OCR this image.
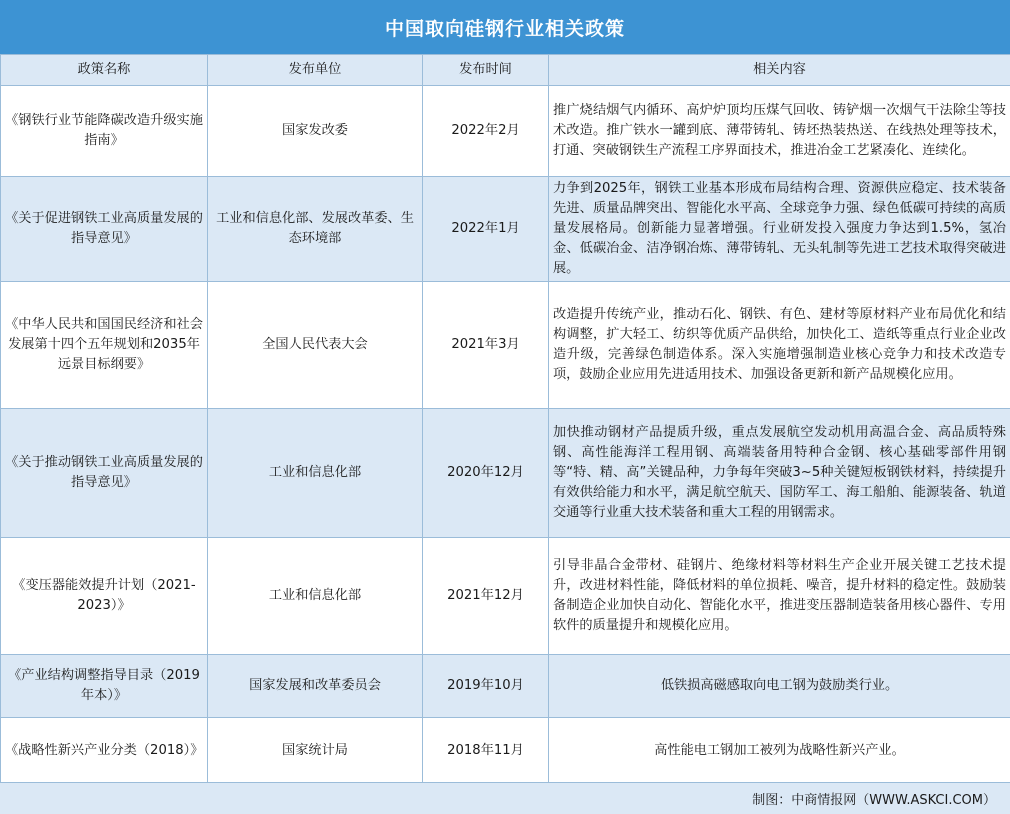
中国取向硅钢行业相关政策
政策名称	发布单位	发布时间	相关内容
《钢铁行业节能降碳改造升级实施指南》	国家发改委	2022年2月	推广烧结烟气内循环、高炉炉顶均压煤气回收、铸铲烟一次烟气干法除尘等技术改造。推广铁水一罐到底、薄带铸轧、铸坯热装热送、在线热处理等技术，打通、突破钢铁生产流程工序界面技术，推进冶金工艺紧凑化、连续化。
《关于促进钢铁工业高质量发展的指导意见》	工业和信息化部、发展改革委、生态环境部	2022年1月	力争到2025年，钢铁工业基本形成布局结构合理、资源供应稳定、技术装备先进、质量品牌突出、智能化水平高、全球竞争力强、绿色低碳可持续的高质量发展格局。创新能力显著增强。行业研发投入强度力争达到1.5%，氢冶金、低碳冶金、洁净钢冶炼、薄带铸轧、无头轧制等先进工艺技术取得突破进展。
《中华人民共和国国民经济和社会发展第十四个五年规划和2035年远景目标纲要》	全国人民代表大会	2021年3月	改造提升传统产业，推动石化、钢铁、有色、建材等原材料产业布局优化和结构调整，扩大轻工、纺织等优质产品供给，加快化工、造纸等重点行业企业改造升级，完善绿色制造体系。深入实施增强制造业核心竞争力和技术改造专项，鼓励企业应用先进适用技术、加强设备更新和新产品规模化应用。
《关于推动钢铁工业高质量发展的指导意见》	工业和信息化部	2020年12月	加快推动钢材产品提质升级，重点发展航空发动机用高温合金、高品质特殊钢、高性能海洋工程用钢、高端装备用特种合金钢、核心基础零部件用钢等“特、精、高”关键品种，力争每年突破3~5种关键短板钢铁材料，持续提升有效供给能力和水平，满足航空航天、国防军工、海工船舶、能源装备、轨道交通等行业重大技术装备和重大工程的用钢需求。
《变压器能效提升计划（2021-2023）》	工业和信息化部	2021年12月	引导非晶合金带材、硅钢片、绝缘材料等材料生产企业开展关键工艺技术提升，改进材料性能，降低材料的单位损耗、噪音，提升材料的稳定性。鼓励装备制造企业加快自动化、智能化水平，推进变压器制造装备用核心器件、专用软件的质量提升和规模化应用。
《产业结构调整指导目录（2019年本）》	国家发展和改革委员会	2019年10月	低铁损高磁感取向电工钢为鼓励类行业。
《战略性新兴产业分类（2018）》	国家统计局	2018年11月	高性能电工钢加工被列为战略性新兴产业。
制图：中商情报网（WWW.ASKCI.COM）
